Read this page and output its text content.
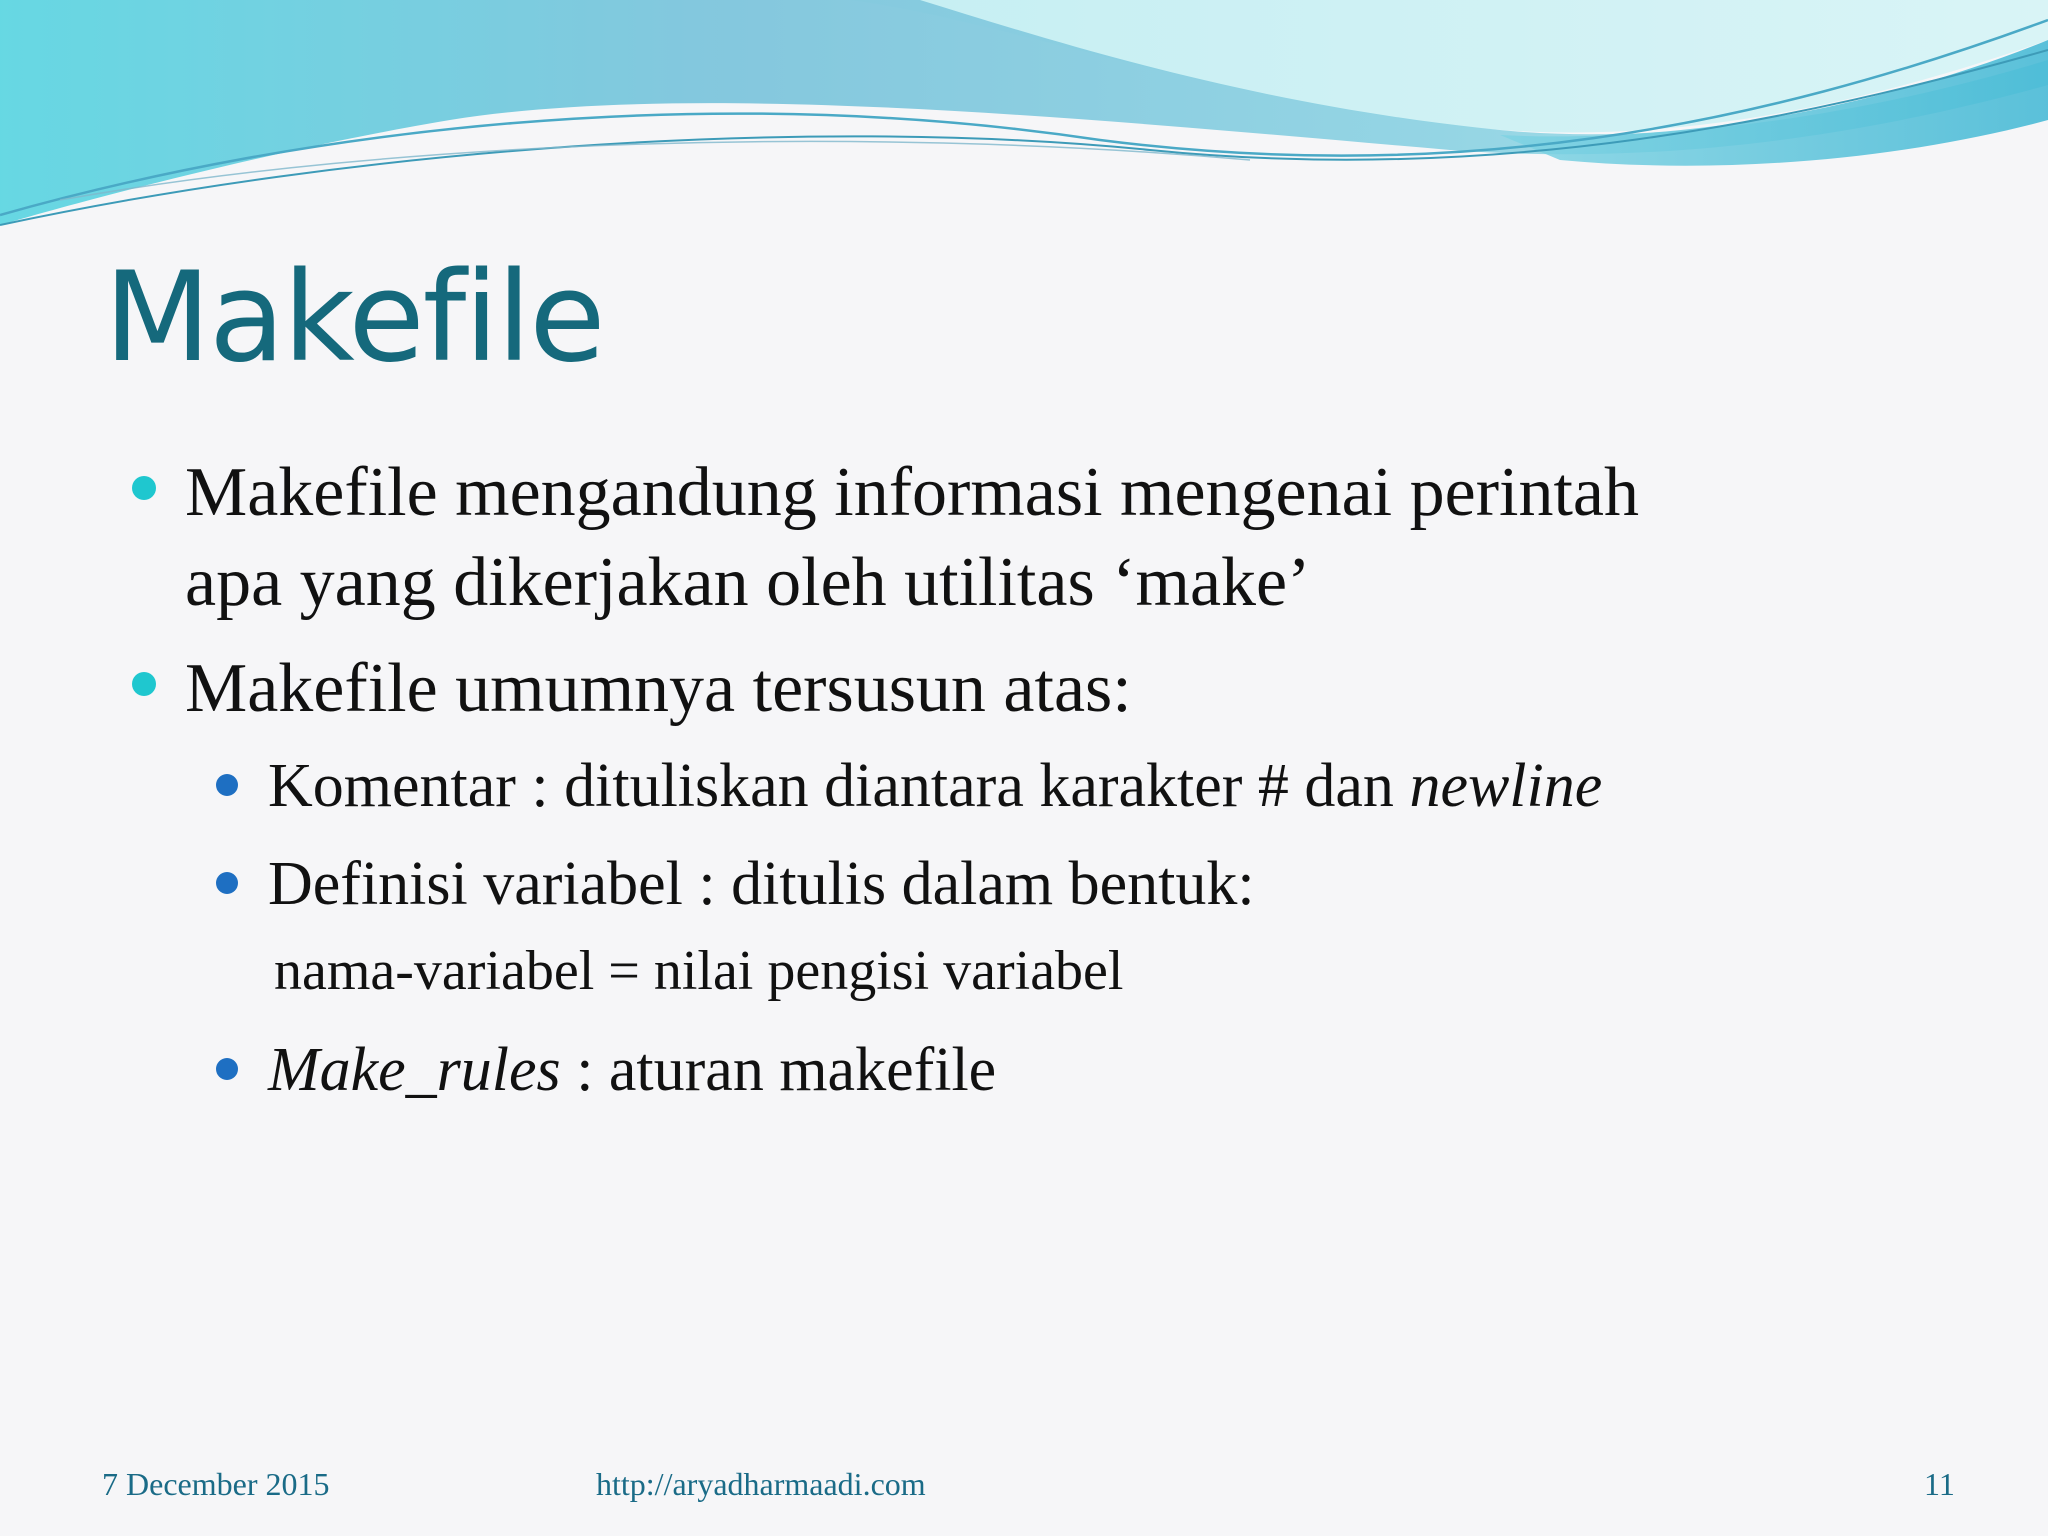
Makefile
Makefile mengandung informasi mengenai perintah
apa yang dikerjakan oleh utilitas ‘make’
Makefile umumnya tersusun atas:
Komentar : dituliskan diantara karakter # dan newline
Definisi variabel : ditulis dalam bentuk:
nama-variabel = nilai pengisi variabel
Make_rules : aturan makefile
7 December 2015	http://aryadharmaadi.com	11
